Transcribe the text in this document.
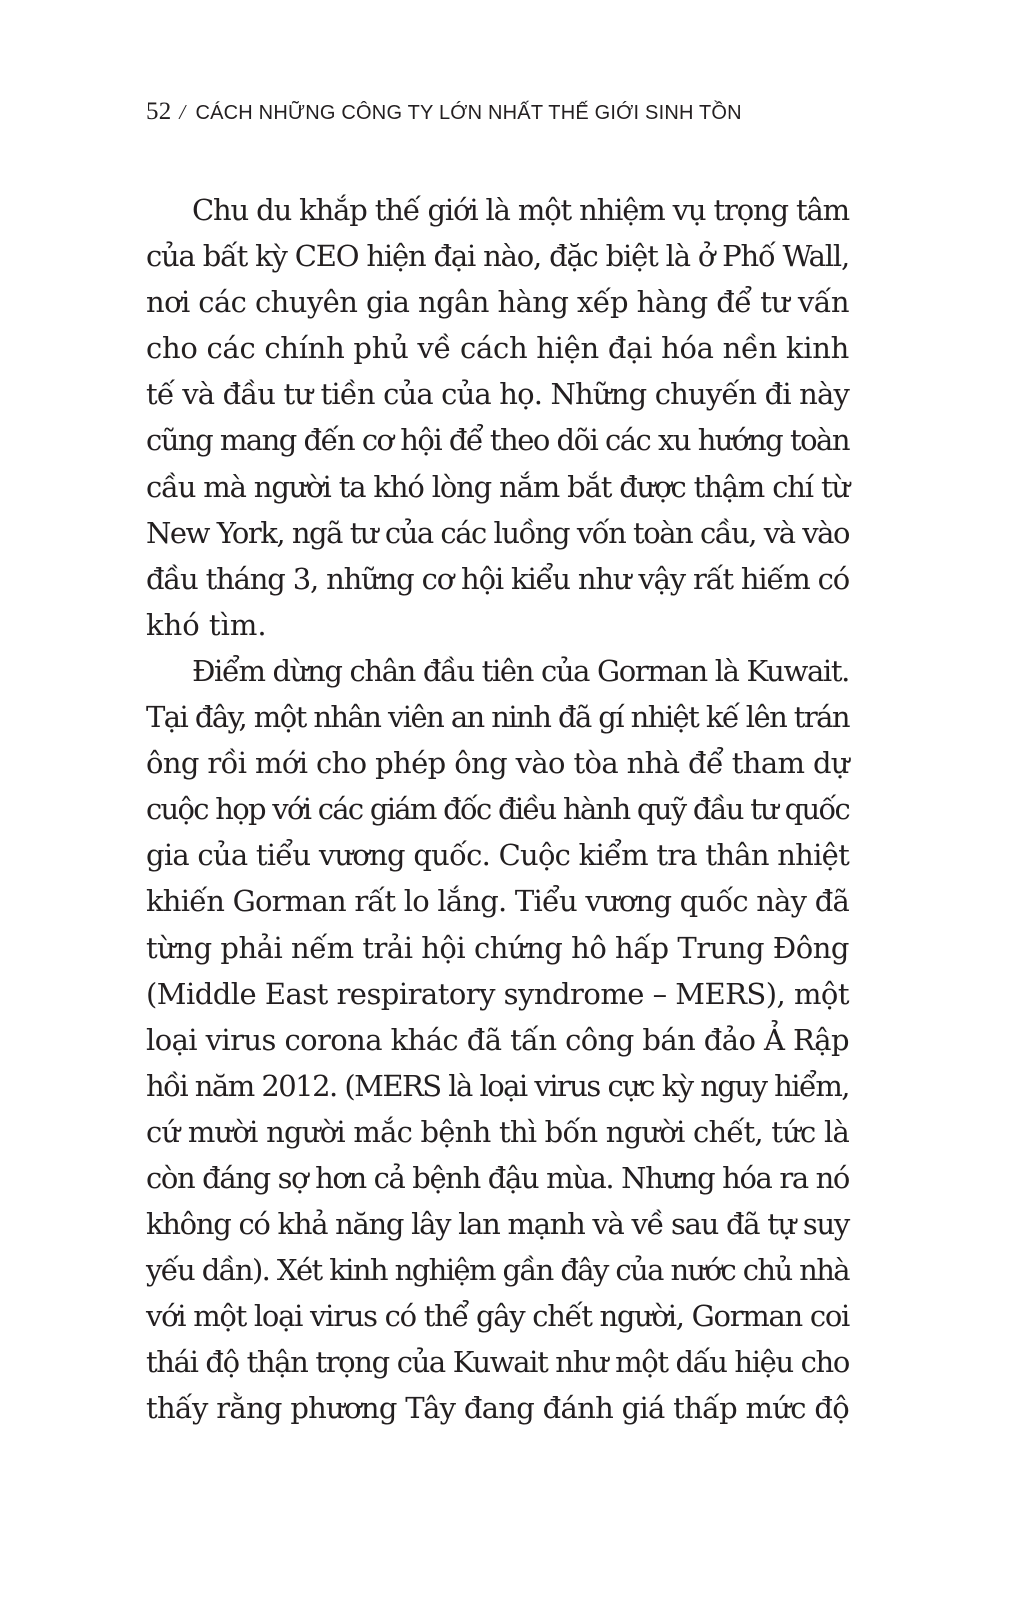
52 / CÁCH NHỮNG CÔNG TY LỚN NHẤT THẾ GIỚI SINH TỒN
Chu du khắp thế giới là một nhiệm vụ trọng tâm
của bất kỳ CEO hiện đại nào, đặc biệt là ở Phố Wall,
nơi các chuyên gia ngân hàng xếp hàng để tư vấn
cho các chính phủ về cách hiện đại hóa nền kinh
tế và đầu tư tiền của của họ. Những chuyến đi này
cũng mang đến cơ hội để theo dõi các xu hướng toàn
cầu mà người ta khó lòng nắm bắt được thậm chí từ
New York, ngã tư của các luồng vốn toàn cầu, và vào
đầu tháng 3, những cơ hội kiểu như vậy rất hiếm có
khó tìm.
Điểm dừng chân đầu tiên của Gorman là Kuwait.
Tại đây, một nhân viên an ninh đã gí nhiệt kế lên trán
ông rồi mới cho phép ông vào tòa nhà để tham dự
cuộc họp với các giám đốc điều hành quỹ đầu tư quốc
gia của tiểu vương quốc. Cuộc kiểm tra thân nhiệt
khiến Gorman rất lo lắng. Tiểu vương quốc này đã
từng phải nếm trải hội chứng hô hấp Trung Đông
(Middle East respiratory syndrome – MERS), một
loại virus corona khác đã tấn công bán đảo Ả Rập
hồi năm 2012. (MERS là loại virus cực kỳ nguy hiểm,
cứ mười người mắc bệnh thì bốn người chết, tức là
còn đáng sợ hơn cả bệnh đậu mùa. Nhưng hóa ra nó
không có khả năng lây lan mạnh và về sau đã tự suy
yếu dần). Xét kinh nghiệm gần đây của nước chủ nhà
với một loại virus có thể gây chết người, Gorman coi
thái độ thận trọng của Kuwait như một dấu hiệu cho
thấy rằng phương Tây đang đánh giá thấp mức độ
